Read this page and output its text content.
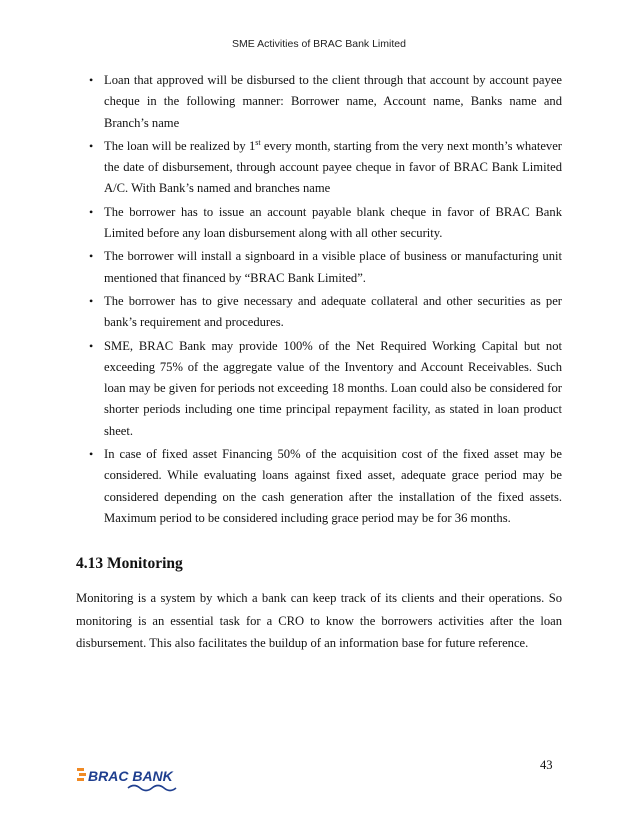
SME Activities of BRAC Bank Limited
• Loan that approved will be disbursed to the client through that account by account payee cheque in the following manner: Borrower name, Account name, Banks name and Branch’s name
• The loan will be realized by 1st every month, starting from the very next month’s whatever the date of disbursement, through account payee cheque in favor of BRAC Bank Limited A/C. With Bank’s named and branches name
• The borrower has to issue an account payable blank cheque in favor of BRAC Bank Limited before any loan disbursement along with all other security.
• The borrower will install a signboard in a visible place of business or manufacturing unit mentioned that financed by “BRAC Bank Limited”.
• The borrower has to give necessary and adequate collateral and other securities as per bank’s requirement and procedures.
• SME, BRAC Bank may provide 100% of the Net Required Working Capital but not exceeding 75% of the aggregate value of the Inventory and Account Receivables. Such loan may be given for periods not exceeding 18 months. Loan could also be considered for shorter periods including one time principal repayment facility, as stated in loan product sheet.
• In case of fixed asset Financing 50% of the acquisition cost of the fixed asset may be considered. While evaluating loans against fixed asset, adequate grace period may be considered depending on the cash generation after the installation of the fixed assets. Maximum period to be considered including grace period may be for 36 months.
4.13 Monitoring

Monitoring is a system by which a bank can keep track of its clients and their operations. So monitoring is an essential task for a CRO to know the borrowers activities after the loan disbursement. This also facilitates the buildup of an information base for future reference.

43
BRAC BANK
